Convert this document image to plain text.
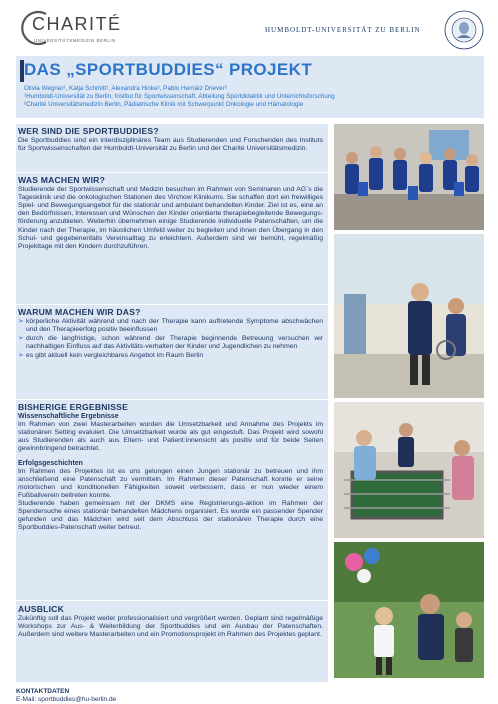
CHARITÉ
UNIVERSITÄTSMEDIZIN BERLIN
HUMBOLDT-UNIVERSITÄT ZU BERLIN
DAS „SPORTBUDDIES“ PROJEKT
Olivia Wegner¹, Katja Schmitt¹, Alexandra Hinke², Pablo Hernáiz Driever²
¹Humboldt-Universität zu Berlin, Institut für Sportwissenschaft, Abteilung Sportdidaktik und Unterrichtsforschung
²Charité Universitätsmedizin Berlin, Pädiatrische Klinik mit Schwerpunkt Onkologie und Hämatologie
WER SIND DIE SPORTBUDDIES?
Die Sportbuddies sind ein interdisziplinäres Team aus Studierenden und Forschenden des Instituts für Sportwissenschaften der Humboldt-Universität zu Berlin und der Charité Universitätsmedizin.
WAS MACHEN WIR?
Studierende der Sportwissenschaft und Medizin besuchen im Rahmen von Seminaren und AG´s die Tagesklinik und die onkologischen Stationen des Virchow Klinikums. Sie schaffen dort ein freiwilliges Spiel- und Bewegungsangebot für die stationär und ambulant behandelten Kinder. Ziel ist es, eine an den Bedürfnissen, Interessen und Wünschen der Kinder orientierte therapiebegleitende Bewegungs-förderung anzubieten. Weiterhin übernehmen einige Studierende individuelle Patenschaften, um die Kinder nach der Therapie, im häuslichen Umfeld weiter zu begleiten und ihnen den Übergang in den Schul- und gegebenenfalls Vereinsalltag zu erleichtern. Außerdem sind wir bemüht, regelmäßig Projekttage mit den Kindern durchzuführen.
WARUM MACHEN WIR DAS?
➢ körperliche Aktivität während und nach der Therapie kann auftretende Symptome abschwächen und den Therapieerfolg positiv beeinflussen
➢ durch die langfristige, schon während der Therapie beginnende Betreuung versuchen wir nachhaltigen Einfluss auf das Aktivitäts-verhalten der Kinder und Jugendlichen zu nehmen
➢ es gibt aktuell kein vergleichbares Angebot im Raum Berlin
BISHERIGE ERGEBNISSE
Wissenschaftliche Ergebnisse
Im Rahmen von zwei Masterarbeiten wurden die Umsetzbarkeit und Annahme des Projekts im stationären Setting evaluiert. Die Umsetzbarkeit wurde als gut eingestuft. Das Projekt wird sowohl aus Studierenden als auch aus Eltern- und Patient:innensicht als positiv und für beide Seiten gewinnbringend betrachtet.
Erfolgsgeschichten
Im Rahmen des Projektes ist es uns gelungen einen Jungen stationär zu betreuen und ihm anschließend eine Patenschaft zu vermitteln. Im Rahmen dieser Patenschaft konnte er seine motorischen und konditionellen Fähigkeiten soweit verbessern, dass er nun wieder einem Fußballverein beitreten konnte.
Studierende haben gemeinsam mit der DKMS eine Registrierungs-aktion im Rahmen der Spendersuche eines stationär behandelten Mädchens organisiert. Es wurde ein passender Spender gefunden und das Mädchen wird seit dem Abschluss der stationären Therapie durch eine Sportbuddies-Patenschaft weiter betreut.
AUSBLICK
Zukünftig soll das Projekt weiter professionalisiert und vergrößert werden. Geplant sind regelmäßige Workshops zur Aus- & Weiterbildung der Sportbuddies und ein Ausbau der Patenschaften. Außerdem sind weitere Masterarbeiten und ein Promotionsprojekt im Rahmen des Projektes geplant.
KONTAKTDATEN
E-Mail: sportbuddies@hu-berlin.de
